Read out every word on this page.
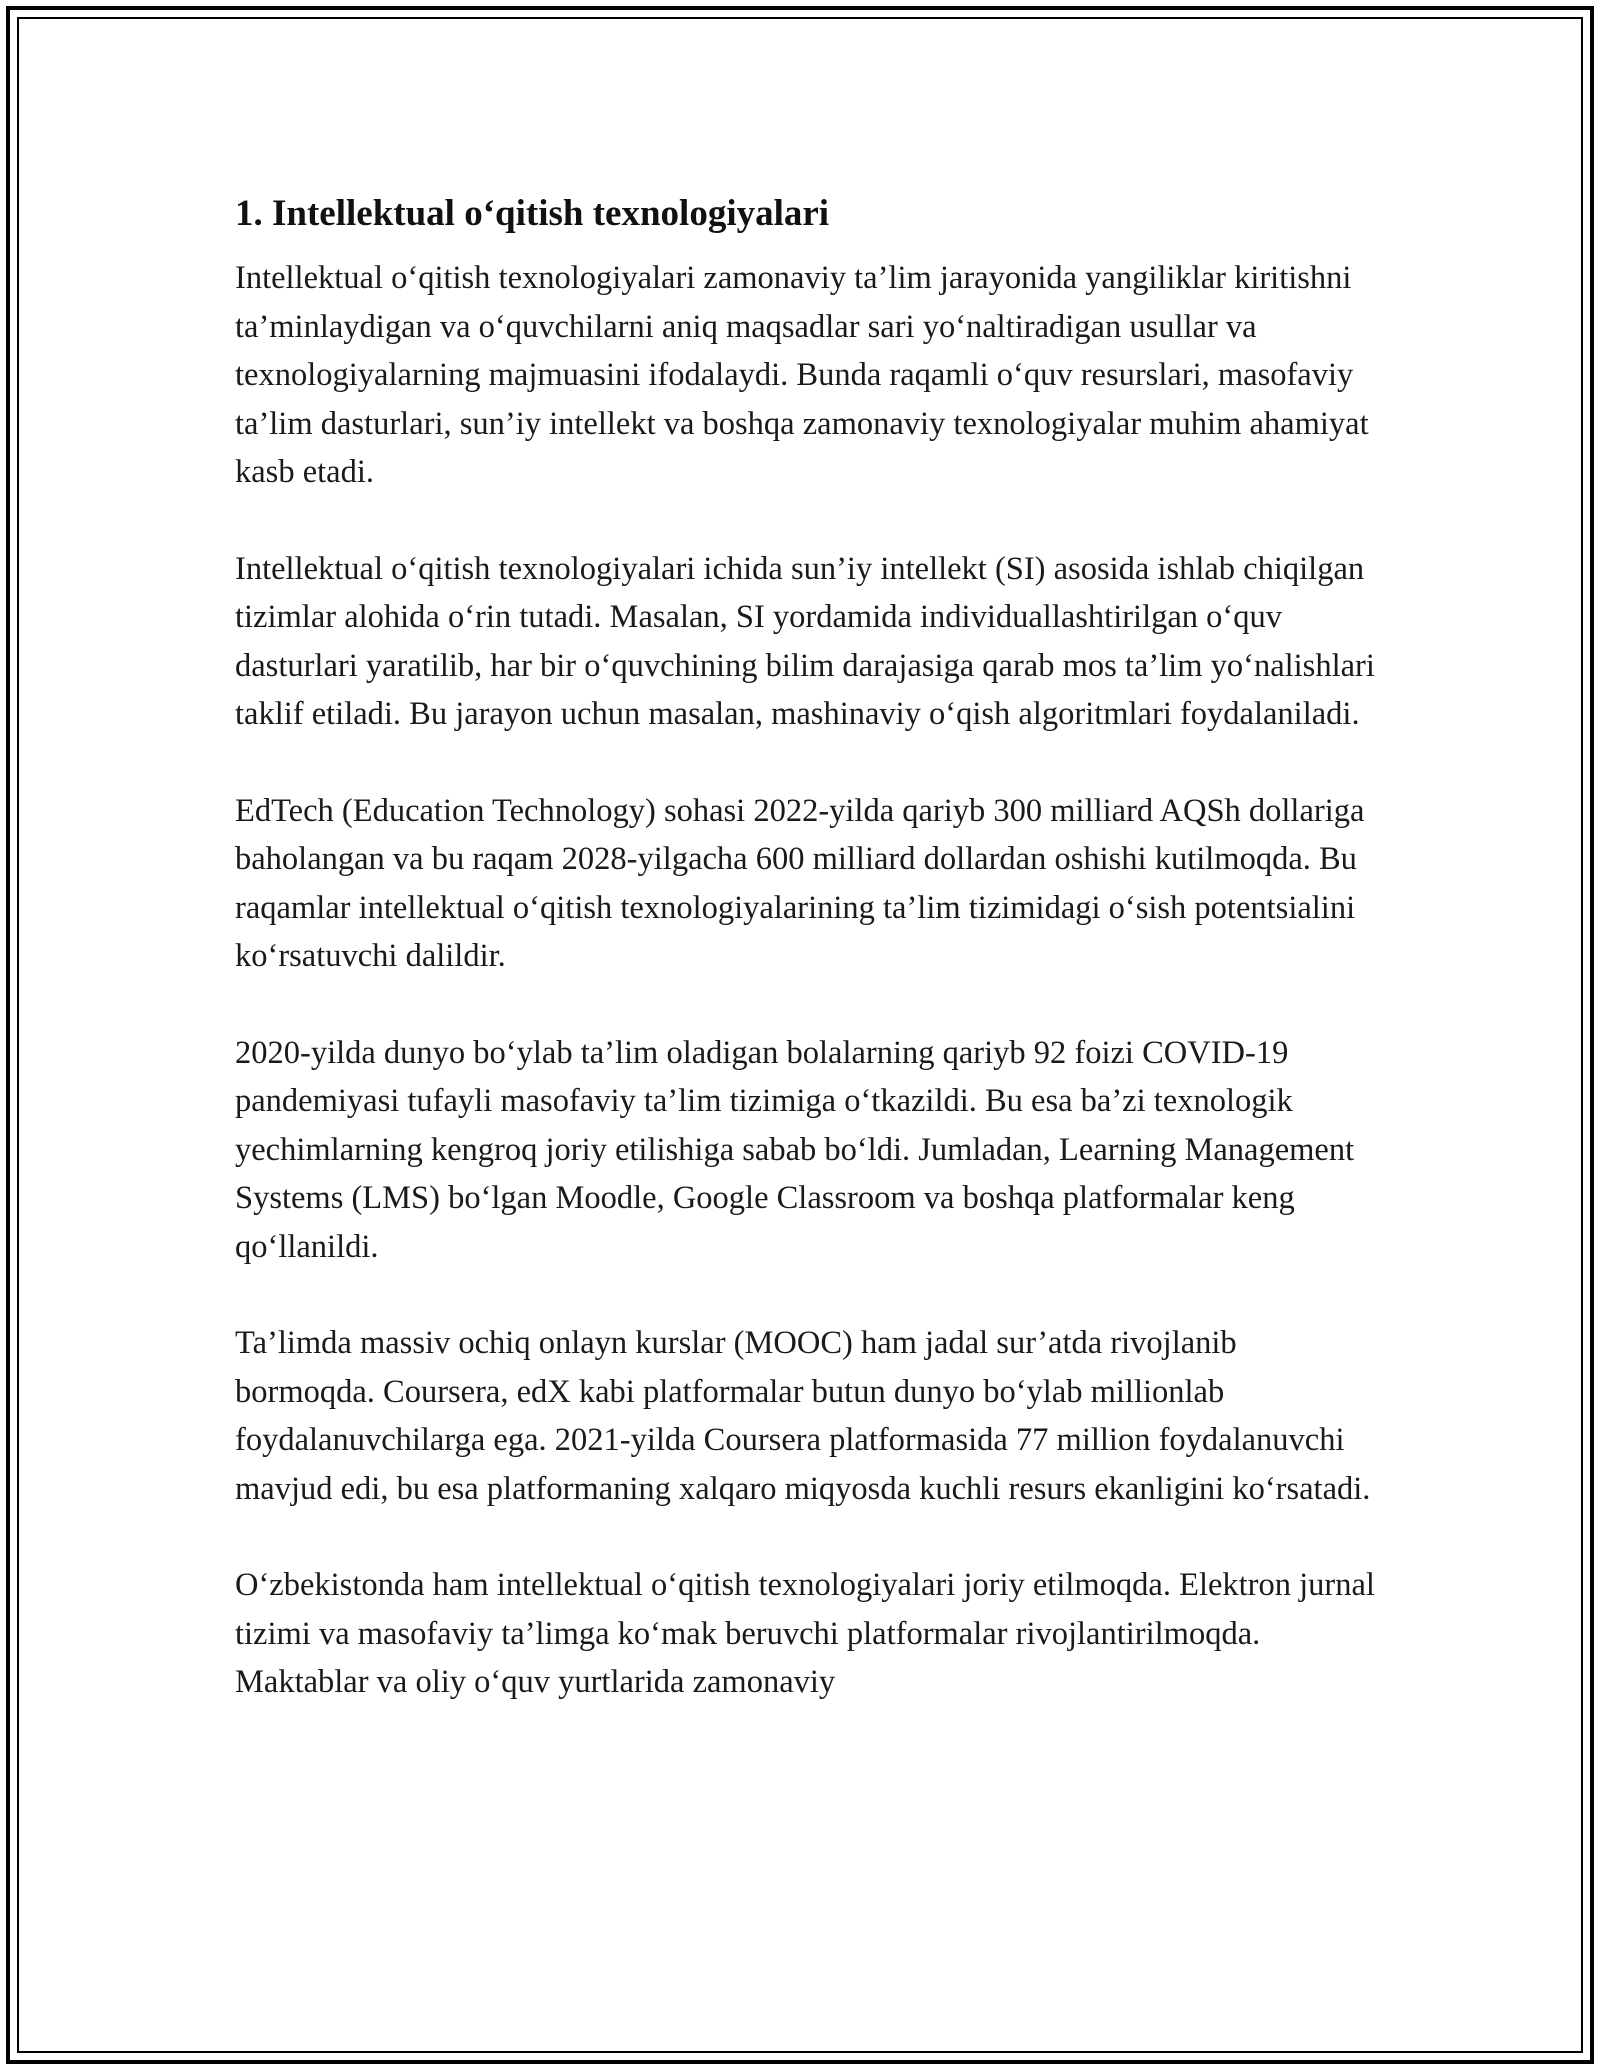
1. Intellektual o‘qitish texnologiyalari

Intellektual o‘qitish texnologiyalari zamonaviy ta’lim jarayonida yangiliklar kiritishni ta’minlaydigan va o‘quvchilarni aniq maqsadlar sari yo‘naltiradigan usullar va texnologiyalarning majmuasini ifodalaydi. Bunda raqamli o‘quv resurslari, masofaviy ta’lim dasturlari, sun’iy intellekt va boshqa zamonaviy texnologiyalar muhim ahamiyat kasb etadi.

Intellektual o‘qitish texnologiyalari ichida sun’iy intellekt (SI) asosida ishlab chiqilgan tizimlar alohida o‘rin tutadi. Masalan, SI yordamida individuallashtirilgan o‘quv dasturlari yaratilib, har bir o‘quvchining bilim darajasiga qarab mos ta’lim yo‘nalishlari taklif etiladi. Bu jarayon uchun masalan, mashinaviy o‘qish algoritmlari foydalaniladi.

EdTech (Education Technology) sohasi 2022-yilda qariyb 300 milliard AQSh dollariga baholangan va bu raqam 2028-yilgacha 600 milliard dollardan oshishi kutilmoqda. Bu raqamlar intellektual o‘qitish texnologiyalarining ta’lim tizimidagi o‘sish potentsialini ko‘rsatuvchi dalildir.

2020-yilda dunyo bo‘ylab ta’lim oladigan bolalarning qariyb 92 foizi COVID-19 pandemiyasi tufayli masofaviy ta’lim tizimiga o‘tkazildi. Bu esa ba’zi texnologik yechimlarning kengroq joriy etilishiga sabab bo‘ldi. Jumladan, Learning Management Systems (LMS) bo‘lgan Moodle, Google Classroom va boshqa platformalar keng qo‘llanildi.

Ta’limda massiv ochiq onlayn kurslar (MOOC) ham jadal sur’atda rivojlanib bormoqda. Coursera, edX kabi platformalar butun dunyo bo‘ylab millionlab foydalanuvchilarga ega. 2021-yilda Coursera platformasida 77 million foydalanuvchi mavjud edi, bu esa platformaning xalqaro miqyosda kuchli resurs ekanligini ko‘rsatadi.

O‘zbekistonda ham intellektual o‘qitish texnologiyalari joriy etilmoqda. Elektron jurnal tizimi va masofaviy ta’limga ko‘mak beruvchi platformalar rivojlantirilmoqda. Maktablar va oliy o‘quv yurtlarida zamonaviy
